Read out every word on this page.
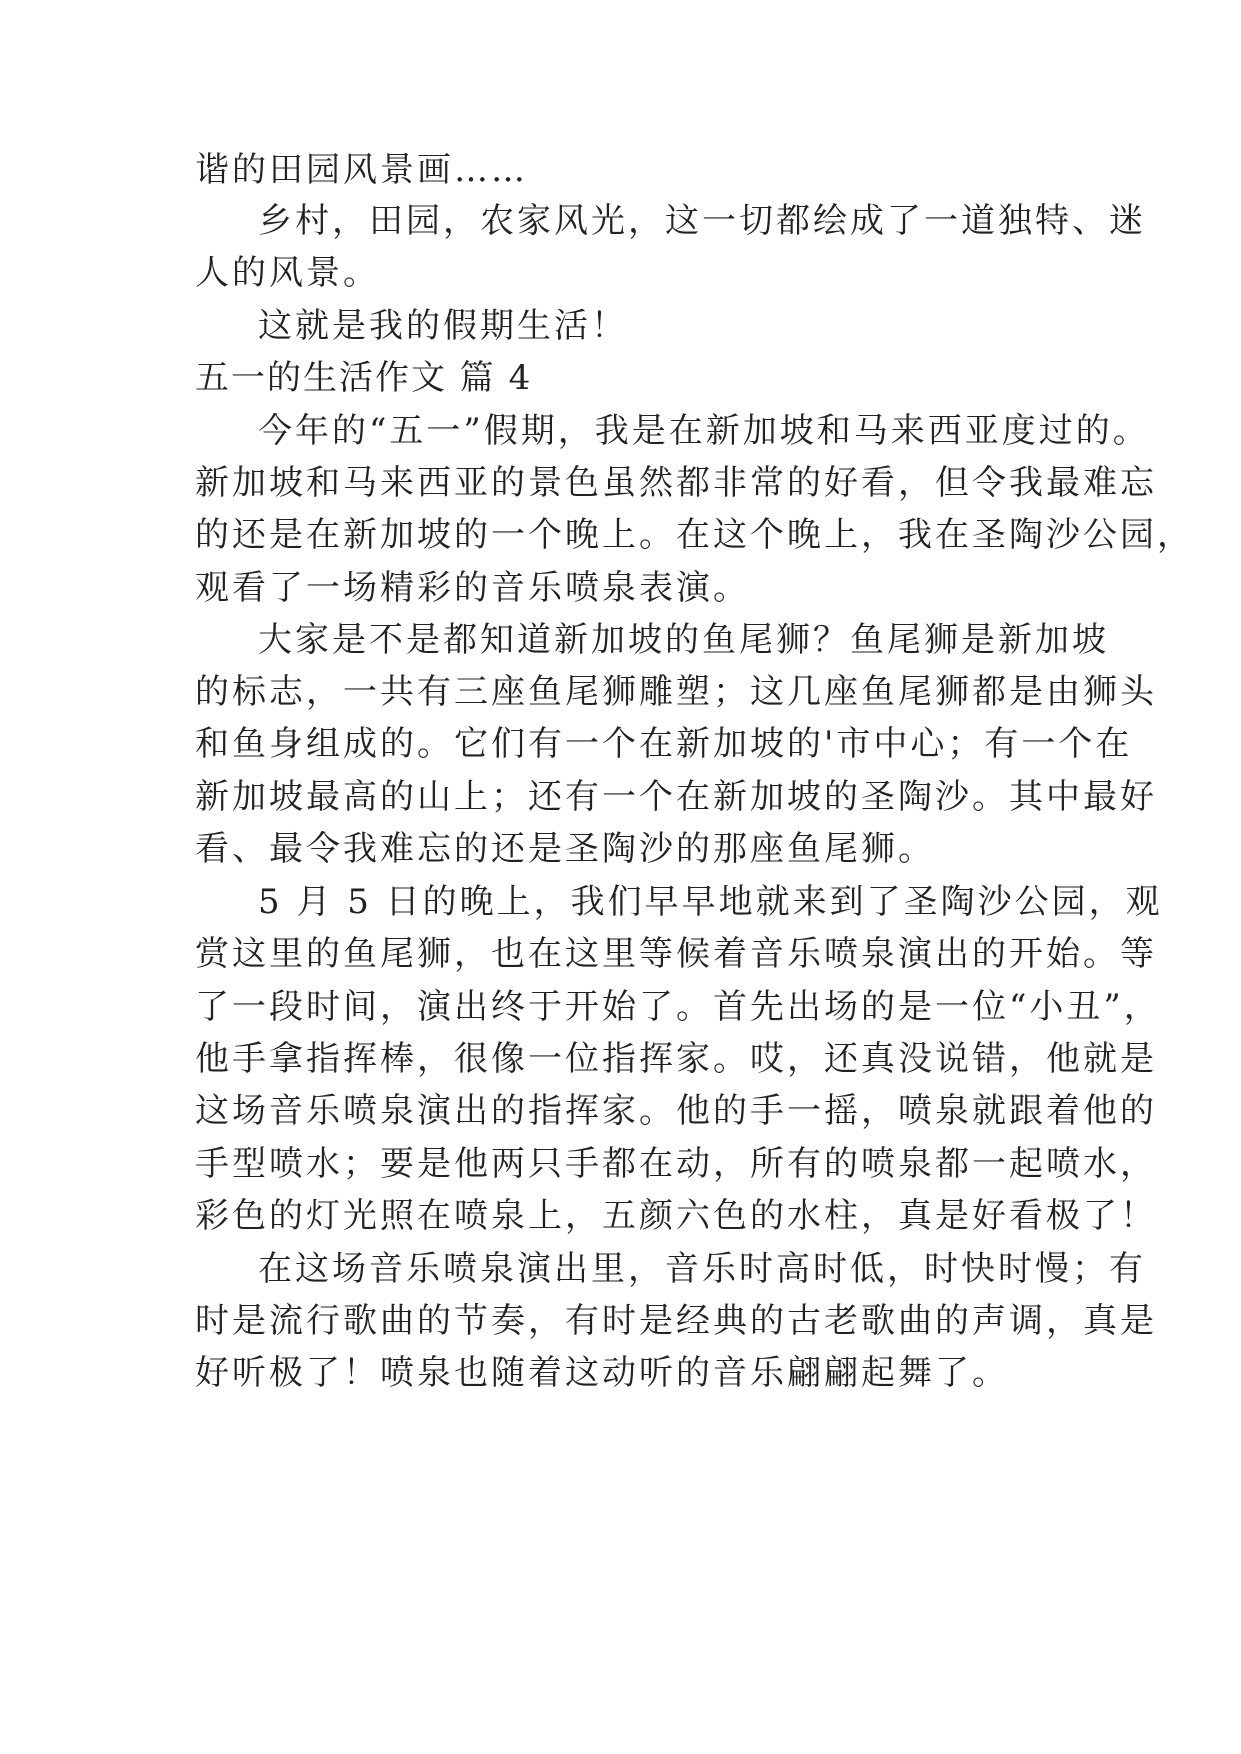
谐的田园风景画……
乡村，田园，农家风光，这一切都绘成了一道独特、迷
人的风景。
这就是我的假期生活！
五一的生活作文 篇 4
今年的“五一”假期，我是在新加坡和马来西亚度过的。
新加坡和马来西亚的景色虽然都非常的好看，但令我最难忘
的还是在新加坡的一个晚上。在这个晚上，我在圣陶沙公园，
观看了一场精彩的音乐喷泉表演。
大家是不是都知道新加坡的鱼尾狮？鱼尾狮是新加坡
的标志，一共有三座鱼尾狮雕塑；这几座鱼尾狮都是由狮头
和鱼身组成的。它们有一个在新加坡的'市中心；有一个在
新加坡最高的山上；还有一个在新加坡的圣陶沙。其中最好
看、最令我难忘的还是圣陶沙的那座鱼尾狮。
5 月 5 日的晚上，我们早早地就来到了圣陶沙公园，观
赏这里的鱼尾狮，也在这里等候着音乐喷泉演出的开始。等
了一段时间，演出终于开始了。首先出场的是一位“小丑”，
他手拿指挥棒，很像一位指挥家。哎，还真没说错，他就是
这场音乐喷泉演出的指挥家。他的手一摇，喷泉就跟着他的
手型喷水；要是他两只手都在动，所有的喷泉都一起喷水，
彩色的灯光照在喷泉上，五颜六色的水柱，真是好看极了！
在这场音乐喷泉演出里，音乐时高时低，时快时慢；有
时是流行歌曲的节奏，有时是经典的古老歌曲的声调，真是
好听极了！喷泉也随着这动听的音乐翩翩起舞了。
